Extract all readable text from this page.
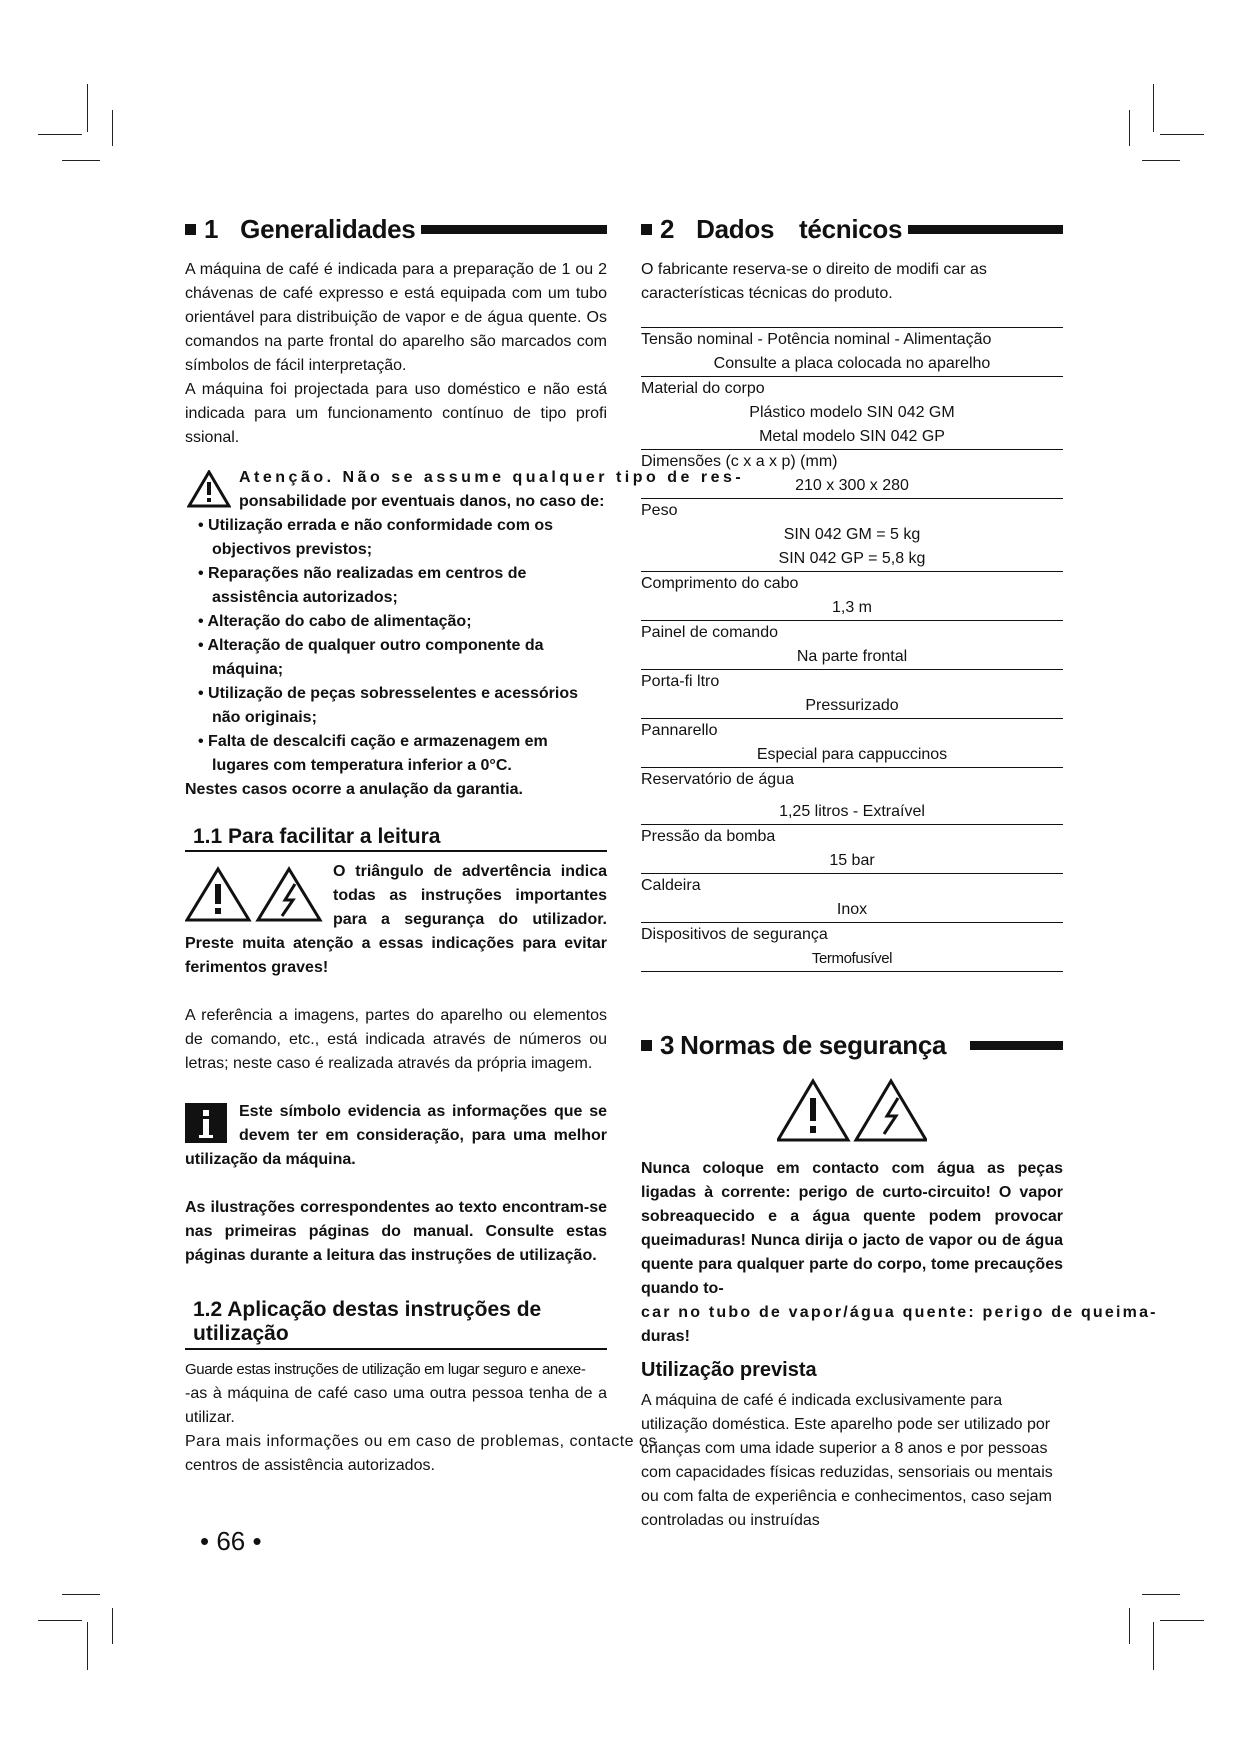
1 Generalidades

A máquina de café é indicada para a preparação de 1 ou 2 chávenas de café expresso e está equipada com um tubo orientável para distribuição de vapor e de água quente. Os comandos na parte frontal do aparelho são marcados com símbolos de fácil interpretação.

A máquina foi projectada para uso doméstico e não está indicada para um funcionamento contínuo de tipo profi ssional.

Atenção. Não se assume qualquer tipo de res-
ponsabilidade por eventuais danos, no caso de:
• Utilização errada e não conformidade com os objectivos previstos;
• Reparações não realizadas em centros de assistência autorizados;
• Alteração do cabo de alimentação;
• Alteração de qualquer outro componente da máquina;
• Utilização de peças sobresselentes e acessórios não originais;
• Falta de descalcifi cação e armazenagem em lugares com temperatura inferior a 0°C.
Nestes casos ocorre a anulação da garantia.
1.1 Para facilitar a leitura

O triângulo de advertência indica todas as instruções importantes para a segurança do utilizador. Preste muita atenção a essas indicações para evitar ferimentos graves!

A referência a imagens, partes do aparelho ou elementos de comando, etc., está indicada através de números ou letras; neste caso é realizada através da própria imagem.

Este símbolo evidencia as informações que se devem ter em consideração, para uma melhor utilização da máquina.

As ilustrações correspondentes ao texto encontram-se nas primeiras páginas do manual. Consulte estas páginas durante a leitura das instruções de utilização.

1.2 Aplicação destas instruções de utilização
Guarde estas instruções de utilização em lugar seguro e anexe-
-as à máquina de café caso uma outra pessoa tenha de a utilizar.
Para mais informações ou em caso de problemas, contacte os
centros de assistência autorizados.
2 Dados técnicos

O fabricante reserva-se o direito de modifi car as características técnicas do produto.

Tensão nominal - Potência nominal - Alimentação
Consulte a placa colocada no aparelho
Material do corpo
Plástico modelo SIN 042 GM
Metal modelo SIN 042 GP
Dimensões (c x a x p) (mm)
210 x 300 x 280
Peso
SIN 042 GM = 5 kg
SIN 042 GP = 5,8 kg
Comprimento do cabo
1,3 m
Painel de comando
Na parte frontal
Porta-fi ltro
Pressurizado
Pannarello
Especial para cappuccinos
Reservatório de água
1,25 litros - Extraível
Pressão da bomba
15 bar
Caldeira
Inox
Dispositivos de segurança
Termofusível
3 Normas de segurança

Nunca coloque em contacto com água as peças ligadas à corrente: perigo de curto-circuito! O vapor sobreaquecido e a água quente podem provocar queimaduras! Nunca dirija o jacto de vapor ou de água quente para qualquer parte do corpo, tome precauções quando to-

car no tubo de vapor/água quente: perigo de queima-
duras!
Utilização prevista

A máquina de café é indicada exclusivamente para utilização doméstica. Este aparelho pode ser utilizado por crianças com uma idade superior a 8 anos e por pessoas com capacidades físicas reduzidas, sensoriais ou mentais ou com falta de experiência e conhecimentos, caso sejam controladas ou instruídas

• 66 •
